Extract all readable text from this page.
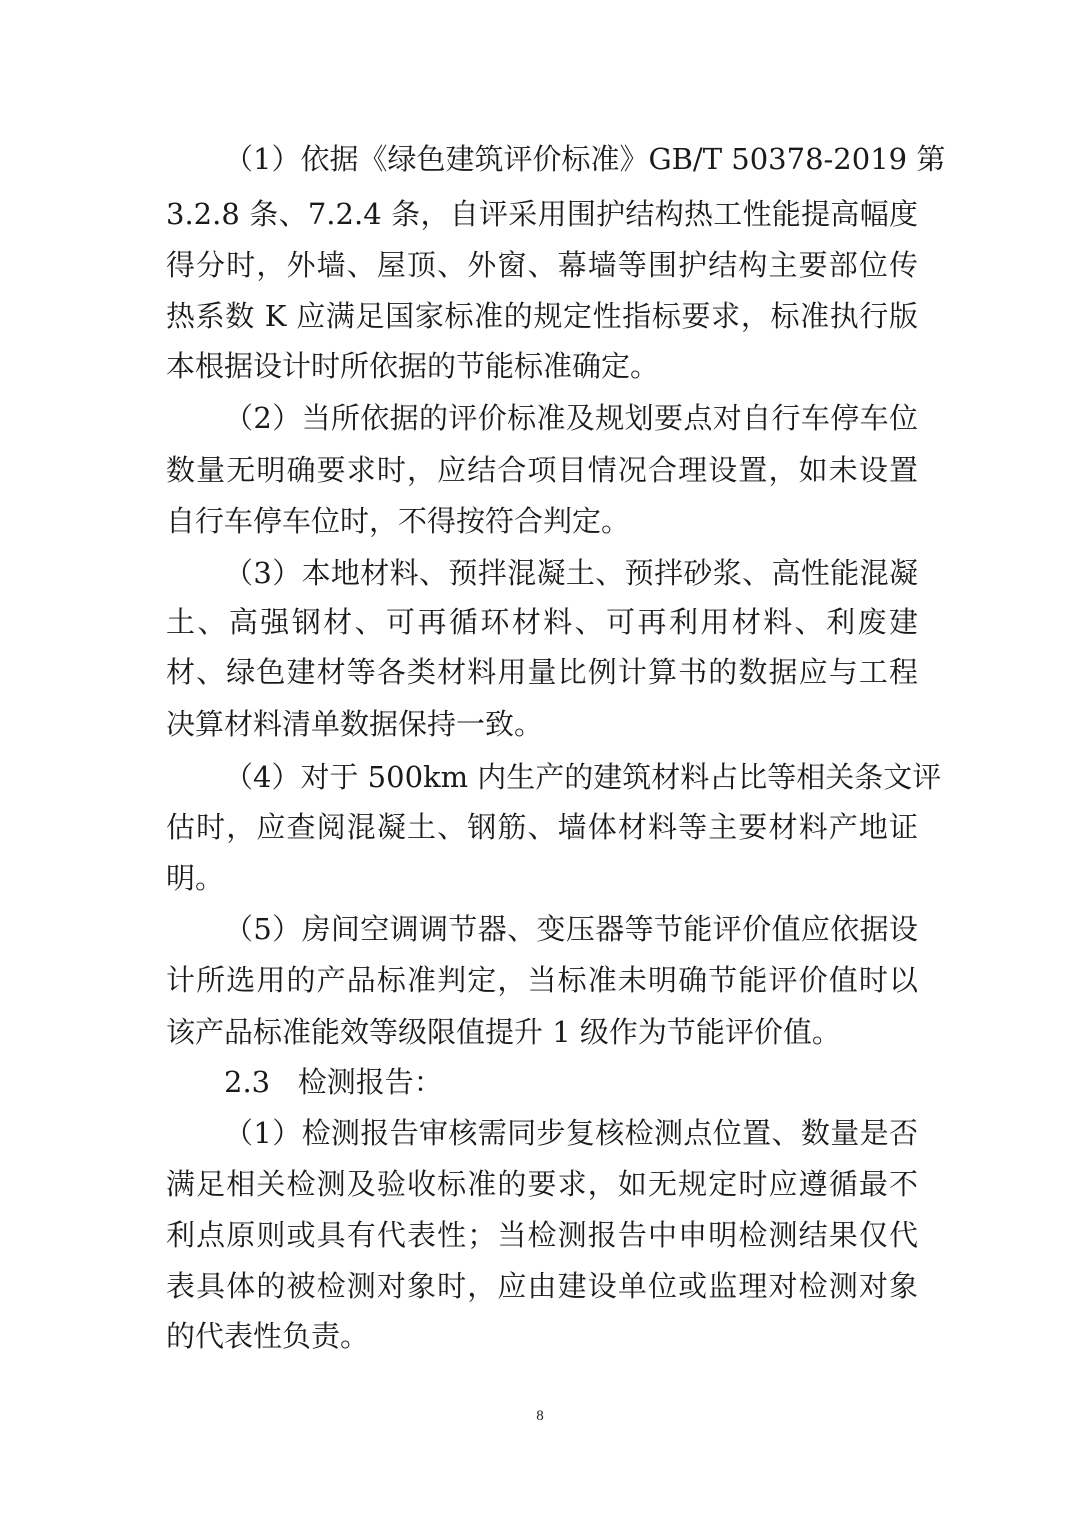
（1）依据《绿色建筑评价标准》GB/T 50378-2019 第
3.2.8 条、7.2.4 条，自评采用围护结构热工性能提高幅度
得分时，外墙、屋顶、外窗、幕墙等围护结构主要部位传
热系数 K 应满足国家标准的规定性指标要求，标准执行版
本根据设计时所依据的节能标准确定。
（2）当所依据的评价标准及规划要点对自行车停车位
数量无明确要求时，应结合项目情况合理设置，如未设置
自行车停车位时，不得按符合判定。
（3）本地材料、预拌混凝土、预拌砂浆、高性能混凝
土、高强钢材、可再循环材料、可再利用材料、利废建
材、绿色建材等各类材料用量比例计算书的数据应与工程
决算材料清单数据保持一致。
（4）对于 500km 内生产的建筑材料占比等相关条文评
估时，应查阅混凝土、钢筋、墙体材料等主要材料产地证
明。
（5）房间空调调节器、变压器等节能评价值应依据设
计所选用的产品标准判定，当标准未明确节能评价值时以
该产品标准能效等级限值提升 1 级作为节能评价值。
2.3   检测报告：
（1）检测报告审核需同步复核检测点位置、数量是否
满足相关检测及验收标准的要求，如无规定时应遵循最不
利点原则或具有代表性；当检测报告中申明检测结果仅代
表具体的被检测对象时，应由建设单位或监理对检测对象
的代表性负责。
8
